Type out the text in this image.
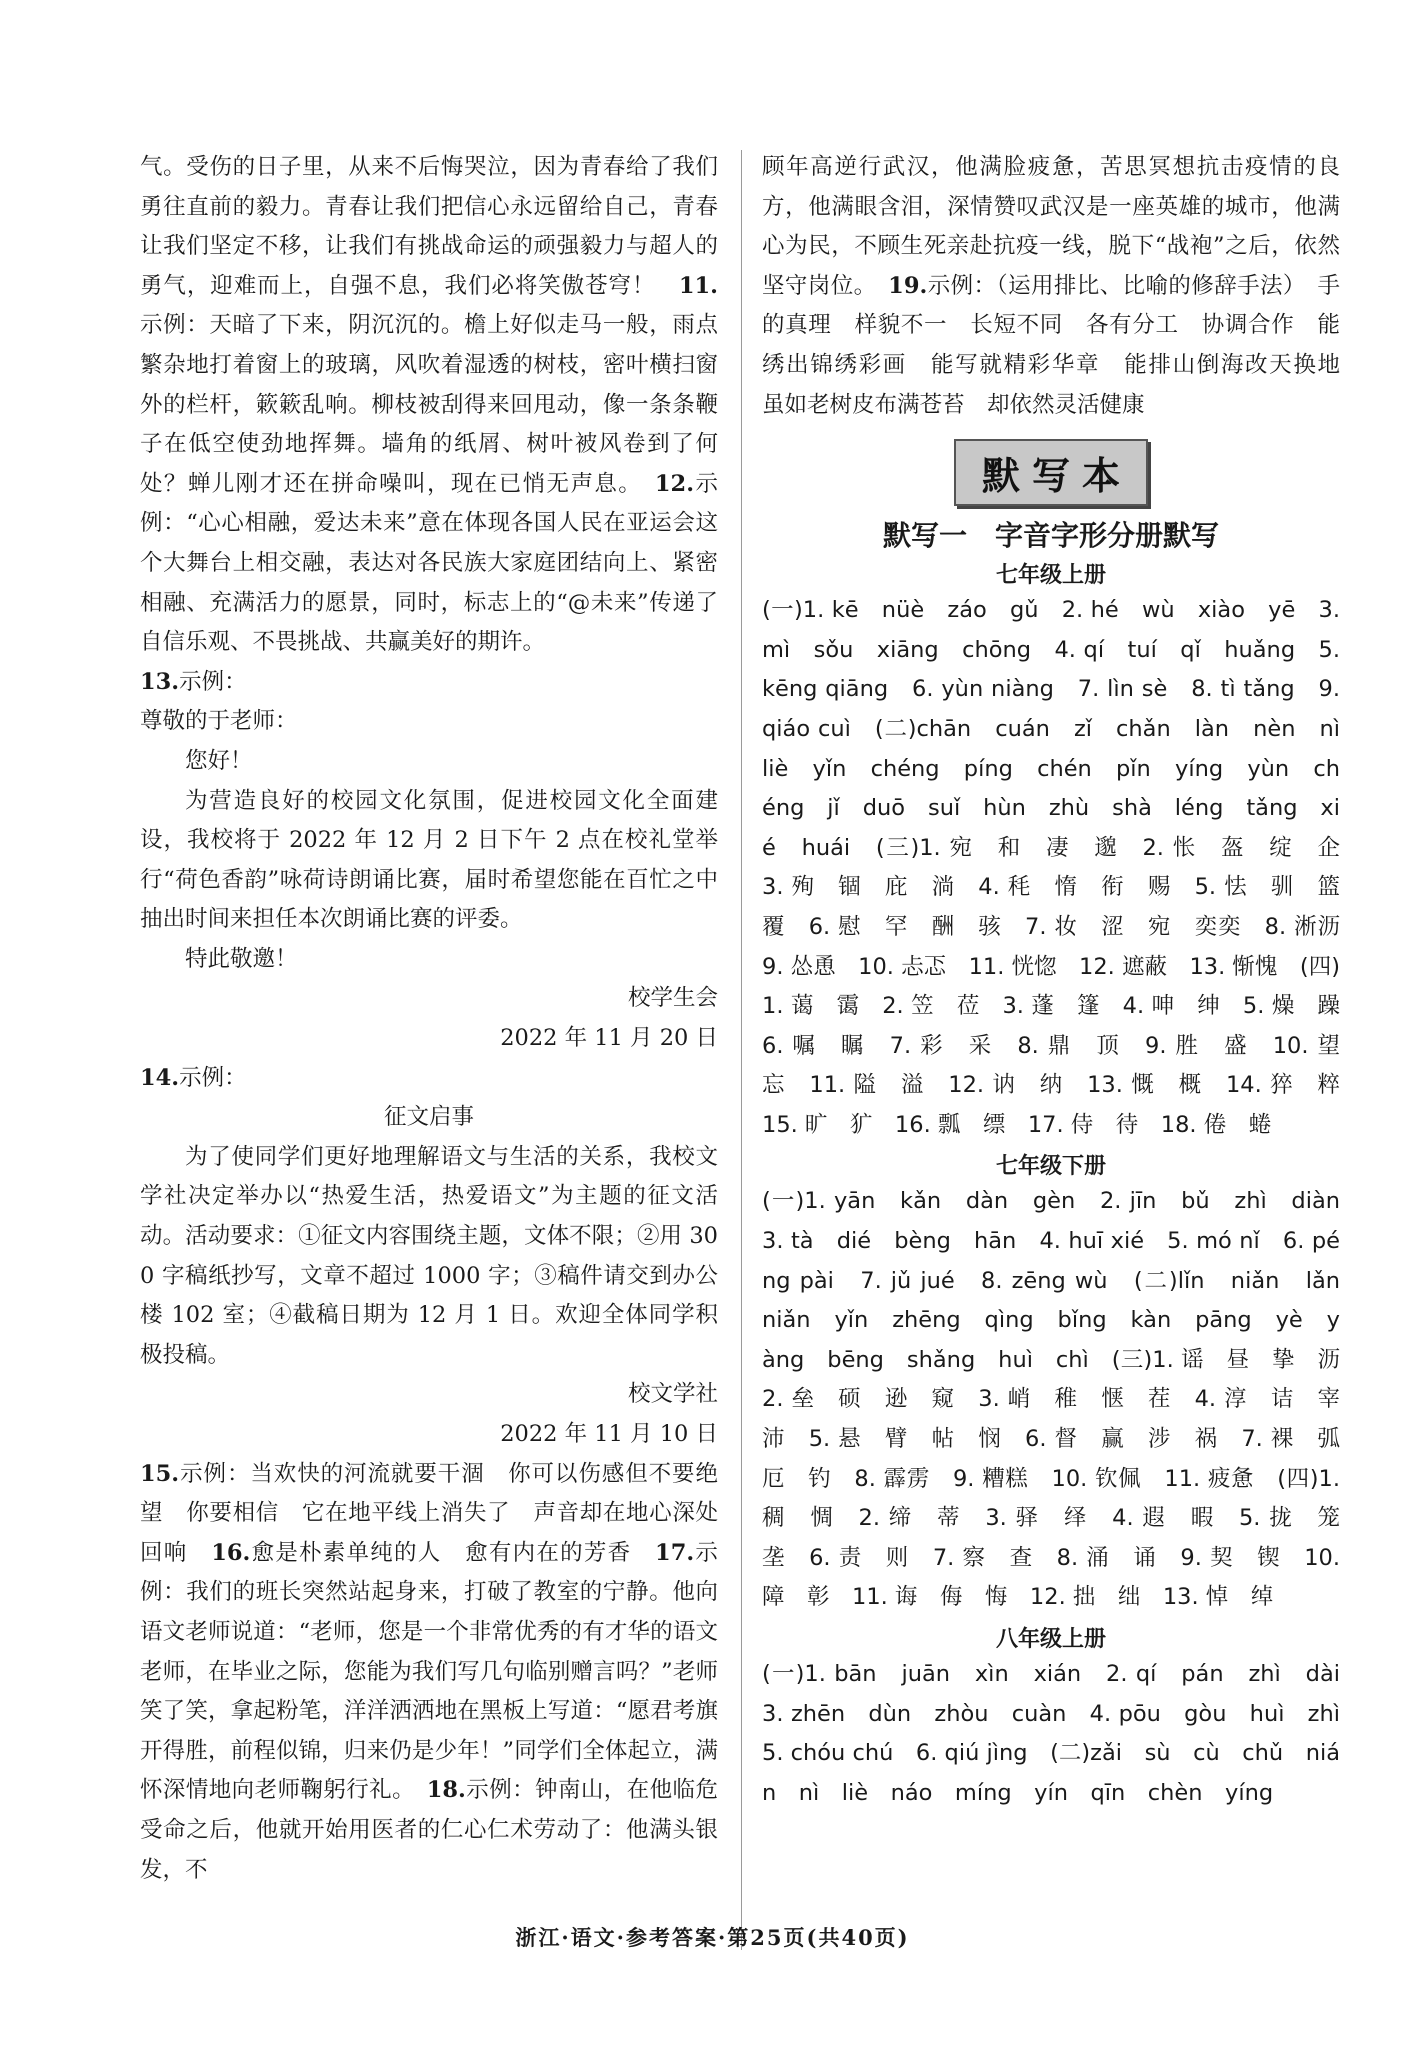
气。受伤的日子里，从来不后悔哭泣，因为青春给了我们勇往直前的毅力。青春让我们把信心永远留给自己，青春让我们坚定不移，让我们有挑战命运的顽强毅力与超人的勇气，迎难而上，自强不息，我们必将笑傲苍穹！　 11.示例：天暗了下来，阴沉沉的。檐上好似走马一般，雨点繁杂地打着窗上的玻璃，风吹着湿透的树枝，密叶横扫窗外的栏杆，簌簌乱响。柳枝被刮得来回甩动，像一条条鞭子在低空使劲地挥舞。墙角的纸屑、树叶被风卷到了何处？蝉儿刚才还在拼命噪叫，现在已悄无声息。　 12.示例：“心心相融，爱达未来”意在体现各国人民在亚运会这个大舞台上相交融，表达对各民族大家庭团结向上、紧密相融、充满活力的愿景，同时，标志上的“@未来”传递了自信乐观、不畏挑战、共赢美好的期许。

13.示例：

尊敬的于老师：

您好！

为营造良好的校园文化氛围，促进校园文化全面建设，我校将于 2022 年 12 月 2 日下午 2 点在校礼堂举行“荷色香韵”咏荷诗朗诵比赛，届时希望您能在百忙之中抽出时间来担任本次朗诵比赛的评委。

特此敬邀！

校学生会

2022 年 11 月 20 日

14.示例：

征文启事

为了使同学们更好地理解语文与生活的关系，我校文学社决定举办以“热爱生活，热爱语文”为主题的征文活动。活动要求：①征文内容围绕主题，文体不限；②用 300 字稿纸抄写，文章不超过 1000 字；③稿件请交到办公楼 102 室；④截稿日期为 12 月 1 日。欢迎全体同学积极投稿。

校文学社

2022 年 11 月 10 日

15.示例：当欢快的河流就要干涸　你可以伤感但不要绝望　你要相信　它在地平线上消失了　声音却在地心深处回响　 16.愈是朴素单纯的人　愈有内在的芳香　 17.示例：我们的班长突然站起身来，打破了教室的宁静。他向语文老师说道：“老师，您是一个非常优秀的有才华的语文老师，在毕业之际，您能为我们写几句临别赠言吗？”老师笑了笑，拿起粉笔，洋洋洒洒地在黑板上写道：“愿君考旗开得胜，前程似锦，归来仍是少年！”同学们全体起立，满怀深情地向老师鞠躬行礼。　 18.示例：钟南山，在他临危受命之后，他就开始用医者的仁心仁术劳动了：他满头银发，不

顾年高逆行武汉，他满脸疲惫，苦思冥想抗击疫情的良方，他满眼含泪，深情赞叹武汉是一座英雄的城市，他满心为民，不顾生死亲赴抗疫一线，脱下“战袍”之后，依然坚守岗位。　 19.示例：（运用排比、比喻的修辞手法）　手的真理　样貌不一　长短不同　各有分工　协调合作　能绣出锦绣彩画　能写就精彩华章　能排山倒海改天换地　虽如老树皮布满苍苔　却依然灵活健康

默写本
默写一　字音字形分册默写
七年级上册

(一)1. kē　nüè　záo　gǔ　2. hé　wù　xiào　yē　3. mì　sǒu　xiāng　chōng　4. qí　tuí　qǐ　huǎng　5. kēng qiāng　6. yùn niàng　7. lìn sè　8. tì tǎng　9. qiáo cuì　(二)chān　cuán　zǐ　chǎn　làn　nèn　nì　liè　yǐn　chéng　píng　chén　pǐn　yíng　yùn　chéng　jǐ　duō　suǐ　hùn　zhù　shà　léng　tǎng　xié　huái　(三)1. 宛　和　凄　邈　2. 怅　盔　绽　企　3. 殉　锢　庇　淌　4. 秏　惰　衔　赐　5. 怯　驯　篮　覆　6. 慰　罕　酬　骇　7. 妆　涩　宛　奕奕　8. 淅沥　9. 怂恿　10. 忐忑　11. 恍惚　12. 遮蔽　13. 惭愧　(四)1. 蔼　霭　2. 笠　莅　3. 蓬　篷　4. 呻　绅　5. 燥　躁　6. 嘱　瞩　7. 彩　采　8. 鼎　顶　9. 胜　盛　10. 望　忘　11. 隘　溢　12. 讷　纳　13. 慨　概　14. 猝　粹　15. 旷　犷　16. 瓢　缥　17. 侍　待　18. 倦　蜷

七年级下册

(一)1. yān　kǎn　dàn　gèn　2. jīn　bǔ　zhì　diàn　3. tà　dié　bèng　hān　4. huī xié　5. mó nǐ　6. péng pài　7. jǔ jué　8. zēng wù　(二)lǐn　niǎn　lǎn　niǎn　yǐn　zhēng　qìng　bǐng　kàn　pāng　yè　yàng　bēng　shǎng　huì　chì　(三)1. 谣　昼　挚　沥　2. 垒　硕　逊　窥　3. 峭　稚　惬　茬　4. 淳　诘　宰　沛　5. 悬　臂　帖　悯　6. 督　赢　涉　祸　7. 裸　弧　厄　钓　8. 霹雳　9. 糟糕　10. 钦佩　11. 疲惫　(四)1. 稠　惆　2. 缔　蒂　3. 驿　绎　4. 遐　暇　5. 拢　笼　垄　6. 责　则　7. 察　查　8. 涌　诵　9. 契　锲　10. 障　彰　11. 诲　侮　悔　12. 拙　绌　13. 悼　绰

八年级上册

(一)1. bān　juān　xìn　xián　2. qí　pán　zhì　dài　3. zhēn　dùn　zhòu　cuàn　4. pōu　gòu　huì　zhì　5. chóu chú　6. qiú jìng　(二)zǎi　sù　cù　chǔ　nián　nì　liè　náo　míng　yín　qīn　chèn　yíng

浙江·语文·参考答案·第25页(共40页)
